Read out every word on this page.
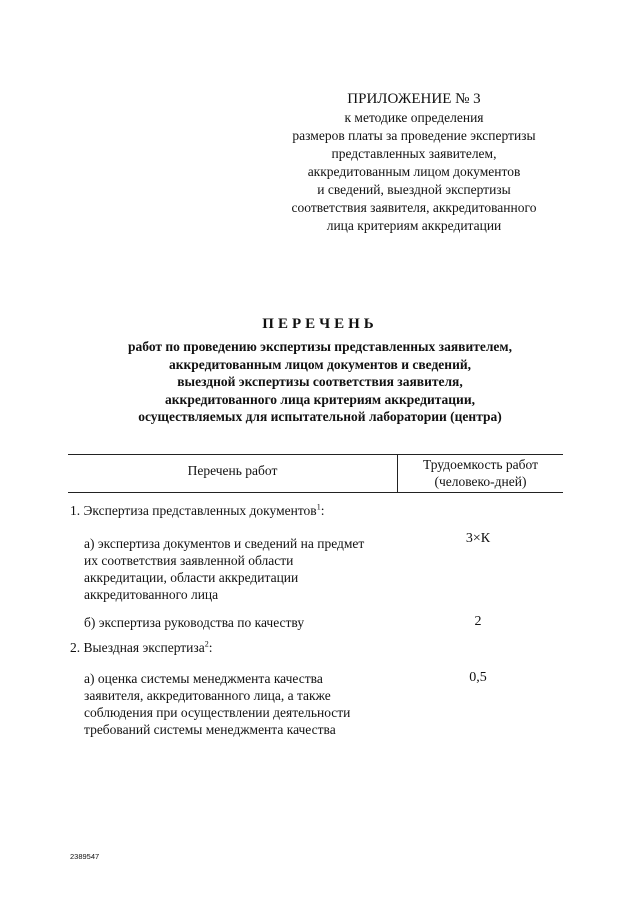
ПРИЛОЖЕНИЕ № 3
к методике определения
размеров платы за проведение экспертизы
представленных заявителем,
аккредитованным лицом документов
и сведений, выездной экспертизы
соответствия заявителя, аккредитованного
лица критериям аккредитации
ПЕРЕЧЕНЬ
работ по проведению экспертизы представленных заявителем,
аккредитованным лицом документов и сведений,
выездной экспертизы соответствия заявителя,
аккредитованного лица критериям аккредитации,
осуществляемых для испытательной лаборатории (центра)
Перечень работ	Трудоемкость работ
(человеко-дней)
1. Экспертиза представленных документов$^1$:
а) экспертиза документов и сведений на предмет
их соответствия заявленной области
аккредитации, области аккредитации
аккредитованного лица
3×К
б) экспертиза руководства по качеству	2
2. Выездная экспертиза$^2$:
а) оценка системы менеджмента качества
заявителя, аккредитованного лица, а также
соблюдения при осуществлении деятельности
требований системы менеджмента качества
0,5
2389547
